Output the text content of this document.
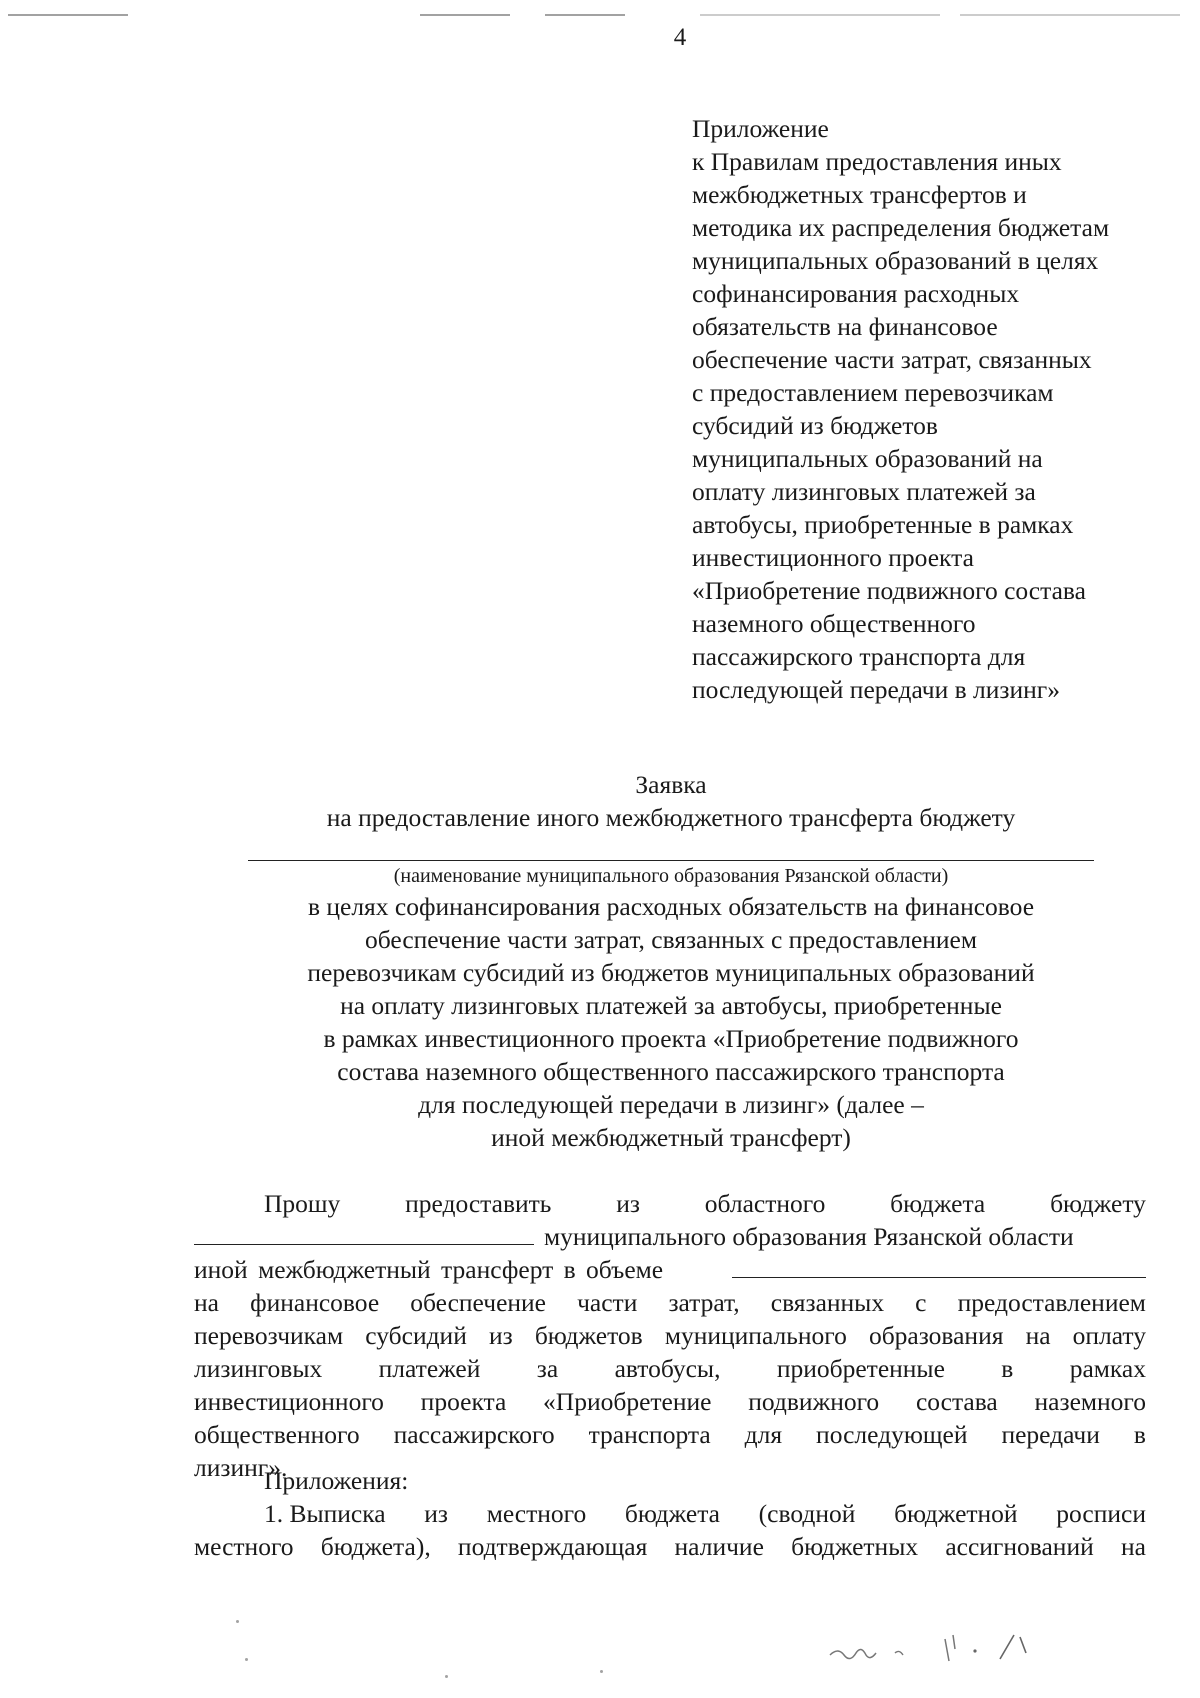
4
Приложение
к Правилам предоставления иных
межбюджетных трансфертов и
методика их распределения бюджетам
муниципальных образований в целях
софинансирования расходных
обязательств на финансовое
обеспечение части затрат, связанных
с предоставлением перевозчикам
субсидий из бюджетов
муниципальных образований на
оплату лизинговых платежей за
автобусы, приобретенные в рамках
инвестиционного проекта
«Приобретение подвижного состава
наземного общественного
пассажирского транспорта для
последующей передачи в лизинг»
Заявка
на предоставление иного межбюджетного трансферта бюджету
(наименование муниципального образования Рязанской области)
в целях софинансирования расходных обязательств на финансовое
обеспечение части затрат, связанных с предоставлением
перевозчикам субсидий из бюджетов муниципальных образований
на оплату лизинговых платежей за автобусы, приобретенные
в рамках инвестиционного проекта «Приобретение подвижного
состава наземного общественного пассажирского транспорта
для последующей передачи в лизинг» (далее –
иной межбюджетный трансферт)
Прошу	предоставить	из	областного	бюджета	бюджету
муниципального образования Рязанской области
иной межбюджетный трансферт в объеме
на финансовое обеспечение части затрат, связанных с предоставлением
перевозчикам субсидий из бюджетов муниципального образования на оплату
лизинговых платежей за автобусы, приобретенные в рамках
инвестиционного проекта «Приобретение подвижного состава наземного
общественного пассажирского транспорта для последующей передачи в
лизинг».
Приложения:
1. Выписка из местного бюджета (сводной бюджетной росписи
местного бюджета), подтверждающая наличие бюджетных ассигнований на
